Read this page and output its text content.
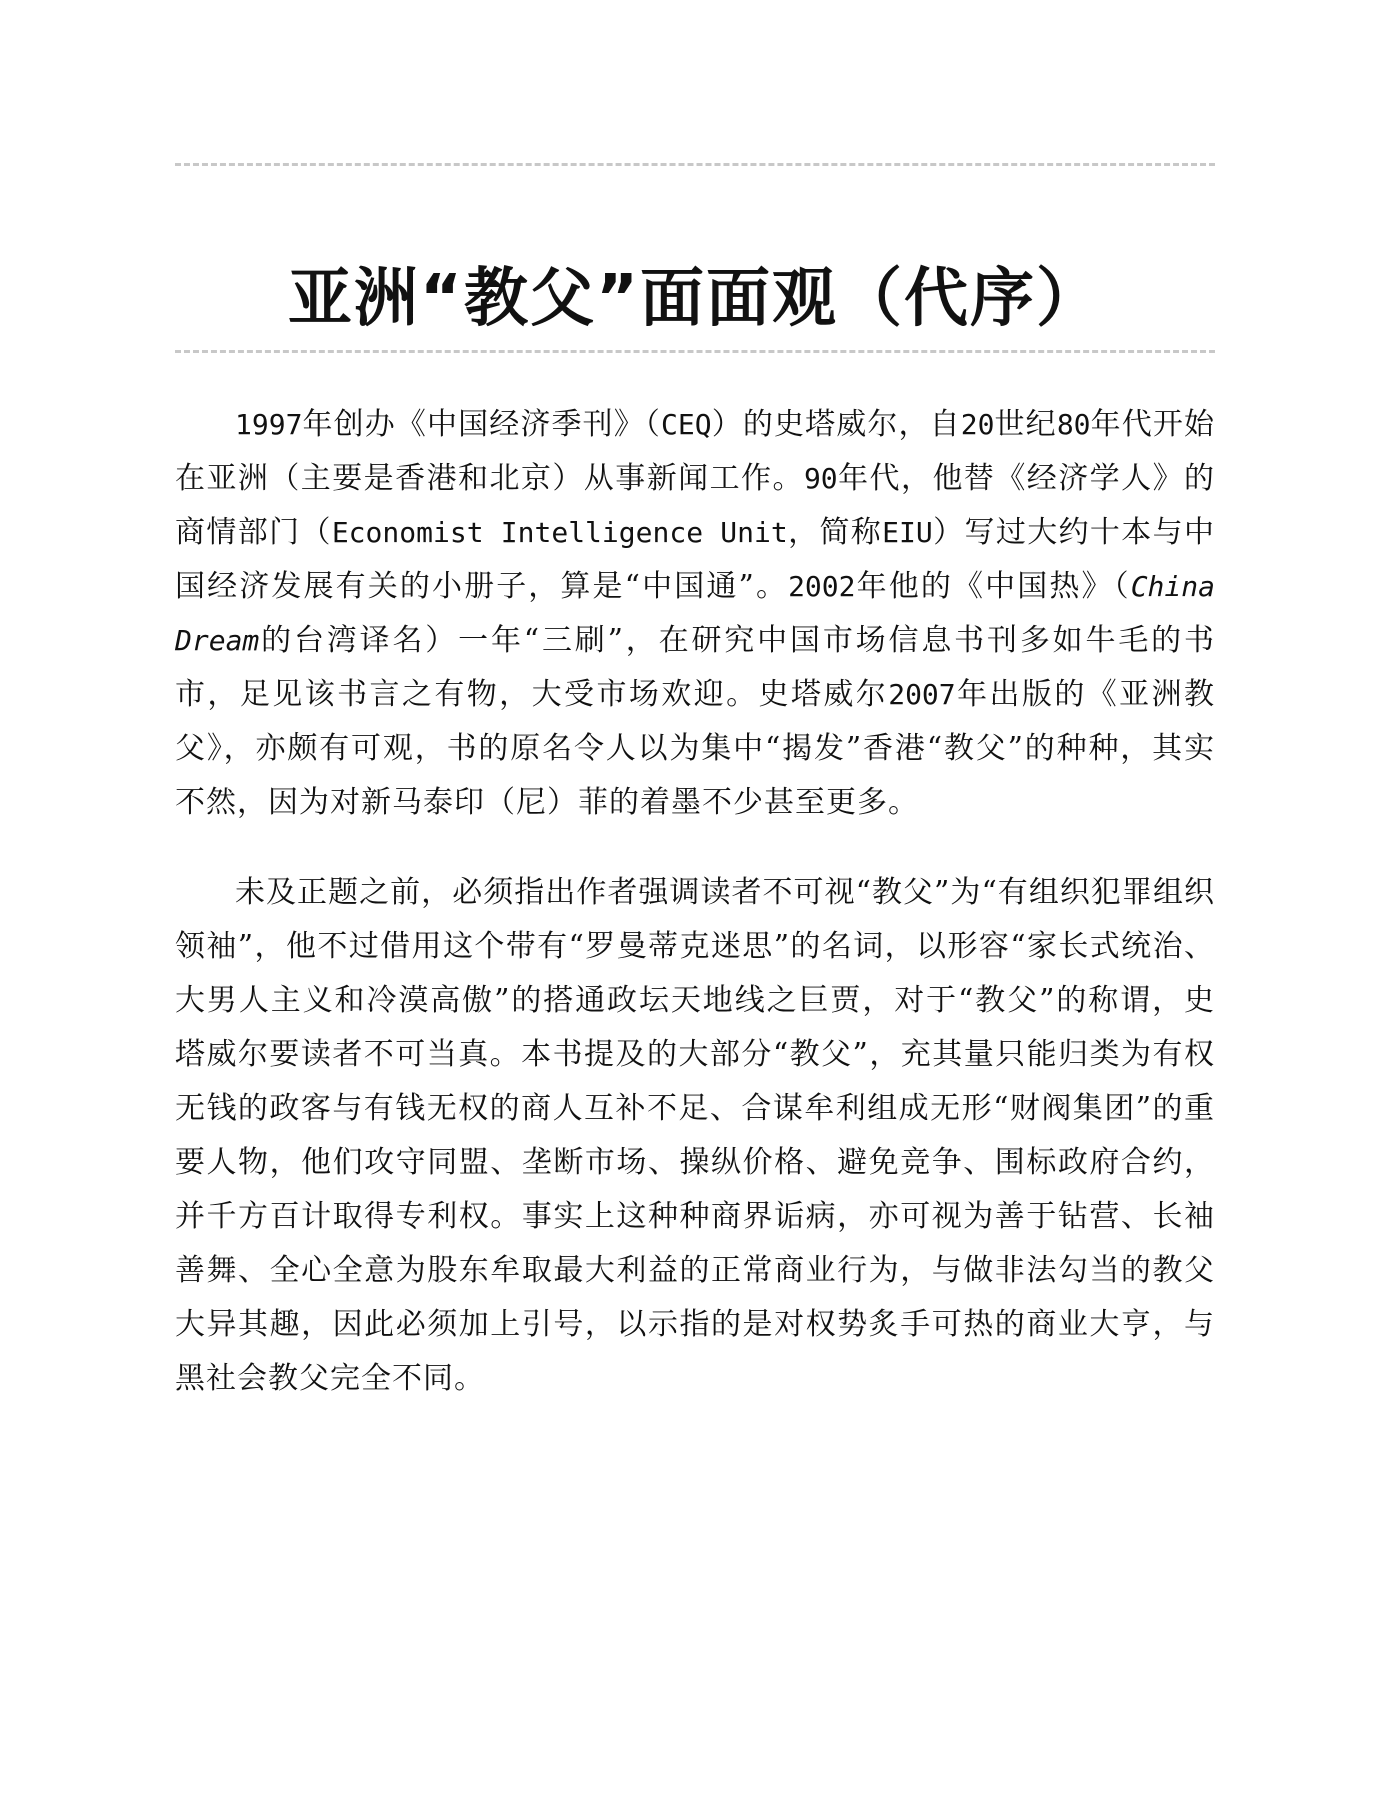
亚洲“教父”面面观（代序）

1997年创办《中国经济季刊》（CEQ）的史塔威尔，自20世纪80年代开始在亚洲（主要是香港和北京）从事新闻工作。90年代，他替《经济学人》的商情部门（Economist Intelligence Unit，简称EIU）写过大约十本与中国经济发展有关的小册子，算是“中国通”。2002年他的《中国热》（China Dream的台湾译名）一年“三刷”，在研究中国市场信息书刊多如牛毛的书市，足见该书言之有物，大受市场欢迎。史塔威尔2007年出版的《亚洲教父》，亦颇有可观，书的原名令人以为集中“揭发”香港“教父”的种种，其实不然，因为对新马泰印（尼）菲的着墨不少甚至更多。

未及正题之前，必须指出作者强调读者不可视“教父”为“有组织犯罪组织领袖”，他不过借用这个带有“罗曼蒂克迷思”的名词，以形容“家长式统治、大男人主义和冷漠高傲”的搭通政坛天地线之巨贾，对于“教父”的称谓，史塔威尔要读者不可当真。本书提及的大部分“教父”，充其量只能归类为有权无钱的政客与有钱无权的商人互补不足、合谋牟利组成无形“财阀集团”的重要人物，他们攻守同盟、垄断市场、操纵价格、避免竞争、围标政府合约，并千方百计取得专利权。事实上这种种商界诟病，亦可视为善于钻营、长袖善舞、全心全意为股东牟取最大利益的正常商业行为，与做非法勾当的教父大异其趣，因此必须加上引号，以示指的是对权势炙手可热的商业大亨，与黑社会教父完全不同。
